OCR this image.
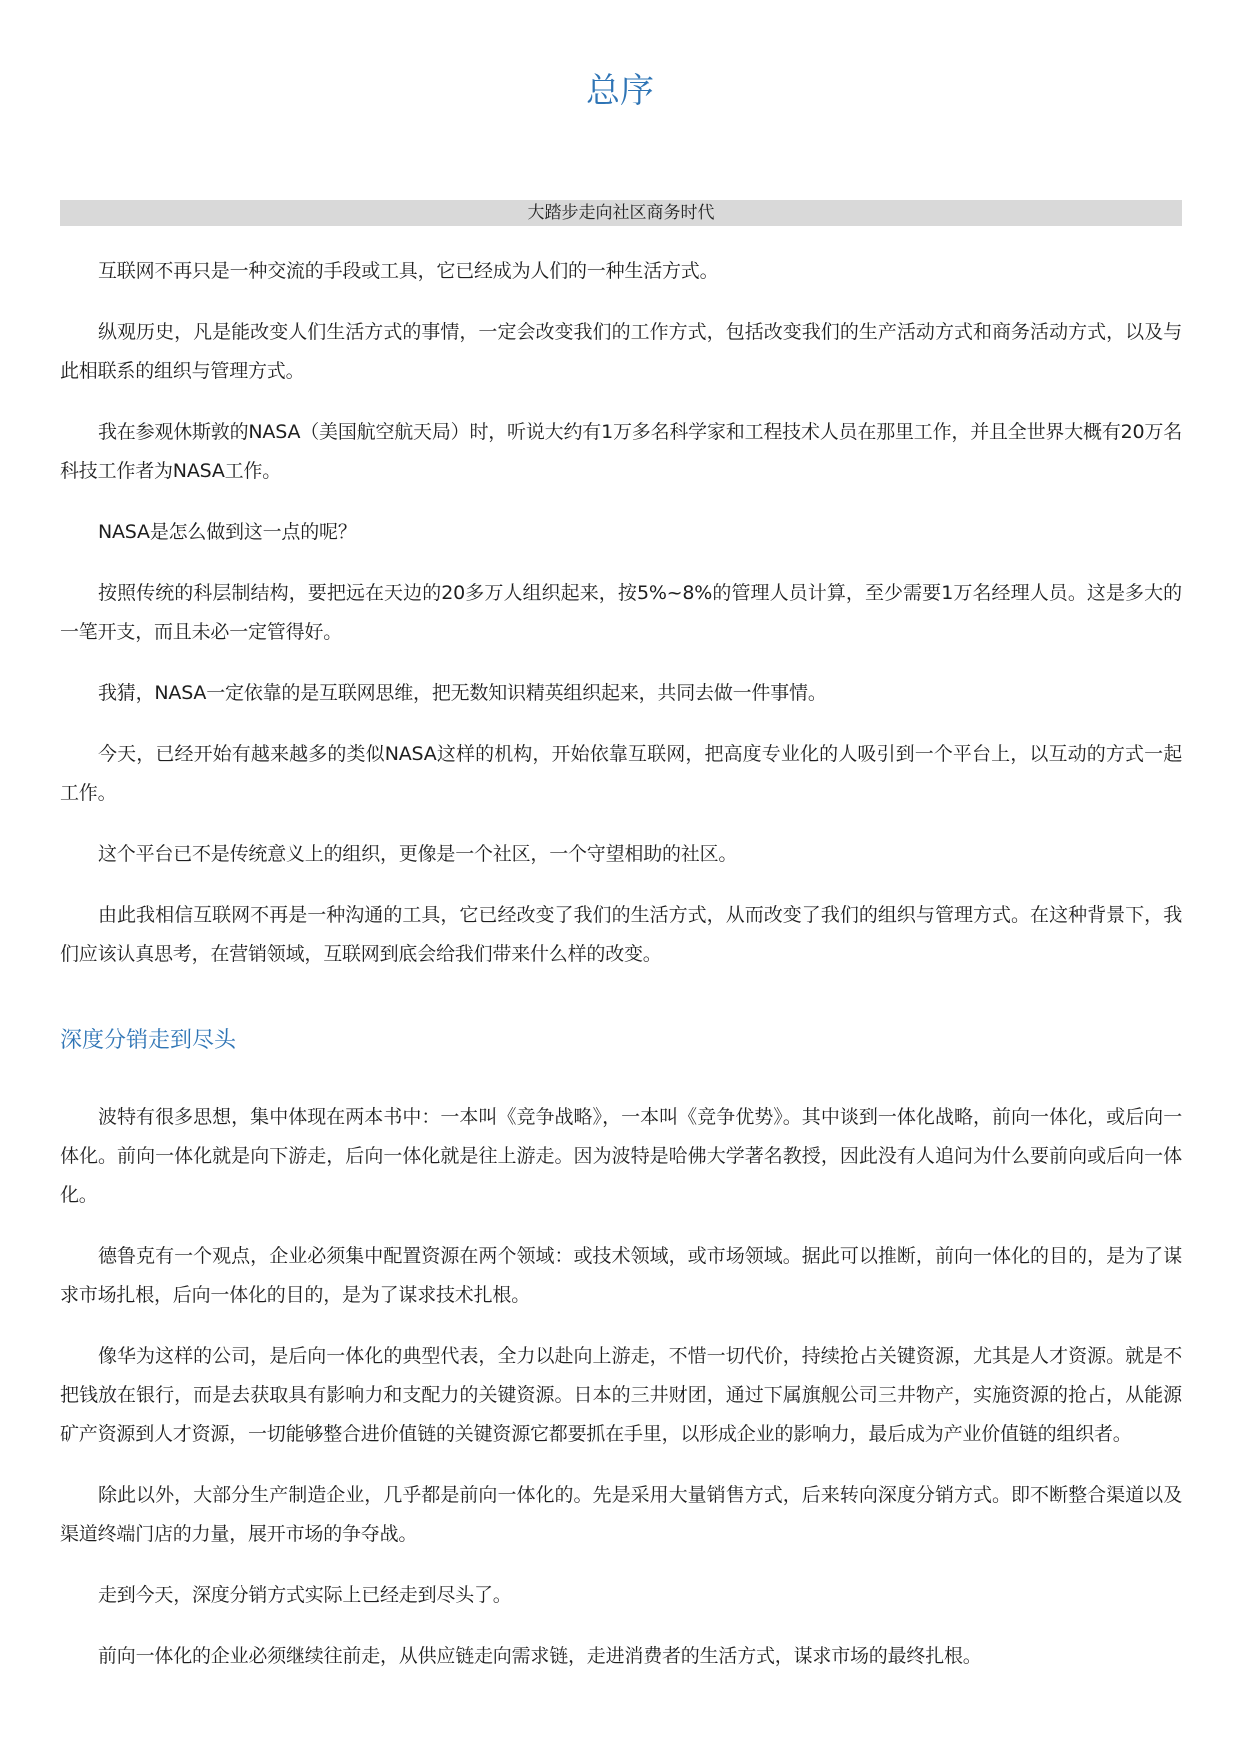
总序
大踏步走向社区商务时代

互联网不再只是一种交流的手段或工具，它已经成为人们的一种生活方式。

纵观历史，凡是能改变人们生活方式的事情，一定会改变我们的工作方式，包括改变我们的生产活动方式和商务活动方式，以及与此相联系的组织与管理方式。

我在参观休斯敦的NASA（美国航空航天局）时，听说大约有1万多名科学家和工程技术人员在那里工作，并且全世界大概有20万名科技工作者为NASA工作。

NASA是怎么做到这一点的呢？

按照传统的科层制结构，要把远在天边的20多万人组织起来，按5%~8%的管理人员计算，至少需要1万名经理人员。这是多大的一笔开支，而且未必一定管得好。

我猜，NASA一定依靠的是互联网思维，把无数知识精英组织起来，共同去做一件事情。

今天，已经开始有越来越多的类似NASA这样的机构，开始依靠互联网，把高度专业化的人吸引到一个平台上，以互动的方式一起工作。

这个平台已不是传统意义上的组织，更像是一个社区，一个守望相助的社区。

由此我相信互联网不再是一种沟通的工具，它已经改变了我们的生活方式，从而改变了我们的组织与管理方式。在这种背景下，我们应该认真思考，在营销领域，互联网到底会给我们带来什么样的改变。

深度分销走到尽头

波特有很多思想，集中体现在两本书中：一本叫《竞争战略》，一本叫《竞争优势》。其中谈到一体化战略，前向一体化，或后向一体化。前向一体化就是向下游走，后向一体化就是往上游走。因为波特是哈佛大学著名教授，因此没有人追问为什么要前向或后向一体化。

德鲁克有一个观点，企业必须集中配置资源在两个领域：或技术领域，或市场领域。据此可以推断，前向一体化的目的，是为了谋求市场扎根，后向一体化的目的，是为了谋求技术扎根。

像华为这样的公司，是后向一体化的典型代表，全力以赴向上游走，不惜一切代价，持续抢占关键资源，尤其是人才资源。就是不把钱放在银行，而是去获取具有影响力和支配力的关键资源。日本的三井财团，通过下属旗舰公司三井物产，实施资源的抢占，从能源矿产资源到人才资源，一切能够整合进价值链的关键资源它都要抓在手里，以形成企业的影响力，最后成为产业价值链的组织者。

除此以外，大部分生产制造企业，几乎都是前向一体化的。先是采用大量销售方式，后来转向深度分销方式。即不断整合渠道以及渠道终端门店的力量，展开市场的争夺战。

走到今天，深度分销方式实际上已经走到尽头了。

前向一体化的企业必须继续往前走，从供应链走向需求链，走进消费者的生活方式，谋求市场的最终扎根。
